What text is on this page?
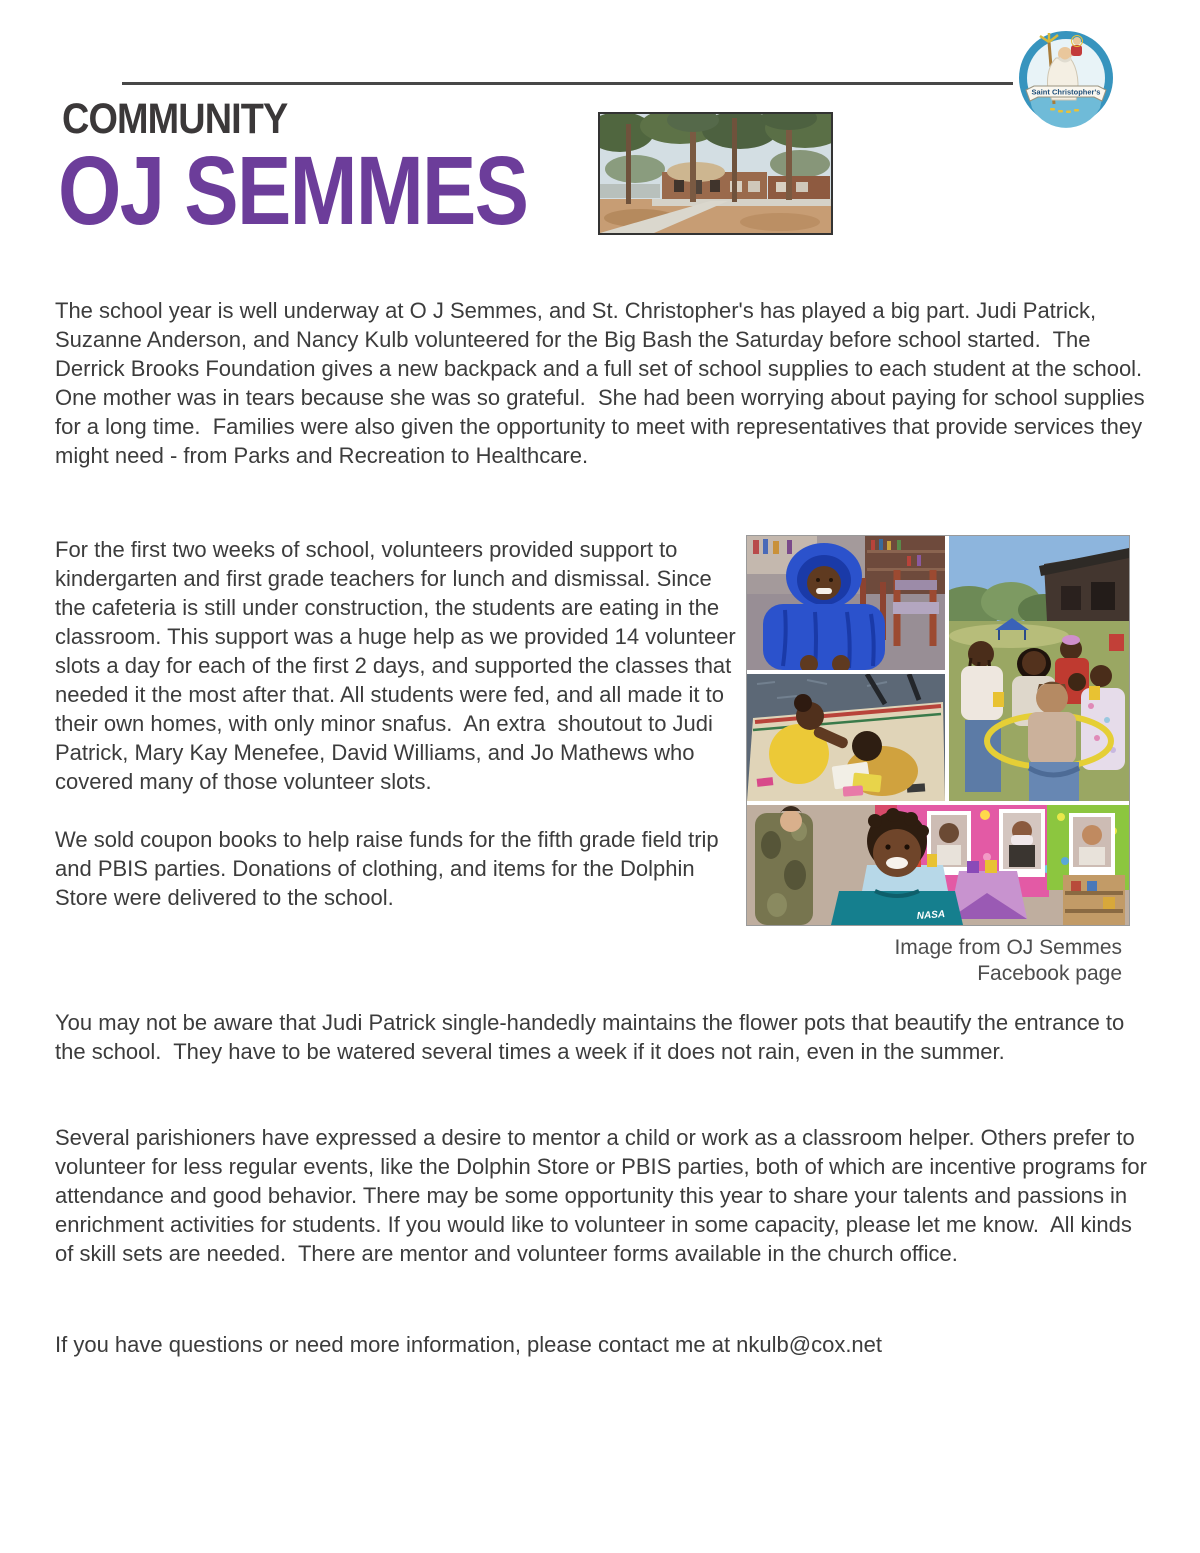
Saint Christopher's
COMMUNITY
OJ SEMMES

The school year is well underway at O J Semmes, and St. Christopher's has played a big part. Judi Patrick, Suzanne Anderson, and Nancy Kulb volunteered for the Big Bash the Saturday before school started.  The Derrick Brooks Foundation gives a new backpack and a full set of school supplies to each student at the school.  One mother was in tears because she was so grateful.  She had been worrying about paying for school supplies for a long time.  Families were also given the opportunity to meet with representatives that provide services they might need - from Parks and Recreation to Healthcare.

NASA
Image from OJ Semmes
Facebook page

For the first two weeks of school, volunteers provided support to kindergarten and first grade teachers for lunch and dismissal. Since the cafeteria is still under construction, the students are eating in the classroom. This support was a huge help as we provided 14 volunteer slots a day for each of the first 2 days, and supported the classes that needed it the most after that. All students were fed, and all made it to their own homes, with only minor snafus.  An extra  shoutout to Judi Patrick, Mary Kay Menefee, David Williams, and Jo Mathews who covered many of those volunteer slots.

We sold coupon books to help raise funds for the fifth grade field trip and PBIS parties. Donations of clothing, and items for the Dolphin Store were delivered to the school.

You may not be aware that Judi Patrick single-handedly maintains the flower pots that beautify the entrance to the school.  They have to be watered several times a week if it does not rain, even in the summer.

Several parishioners have expressed a desire to mentor a child or work as a classroom helper. Others prefer to volunteer for less regular events, like the Dolphin Store or PBIS parties, both of which are incentive programs for attendance and good behavior. There may be some opportunity this year to share your talents and passions in enrichment activities for students. If you would like to volunteer in some capacity, please let me know.  All kinds of skill sets are needed.  There are mentor and volunteer forms available in the church office.

If you have questions or need more information, please contact me at nkulb@cox.net
